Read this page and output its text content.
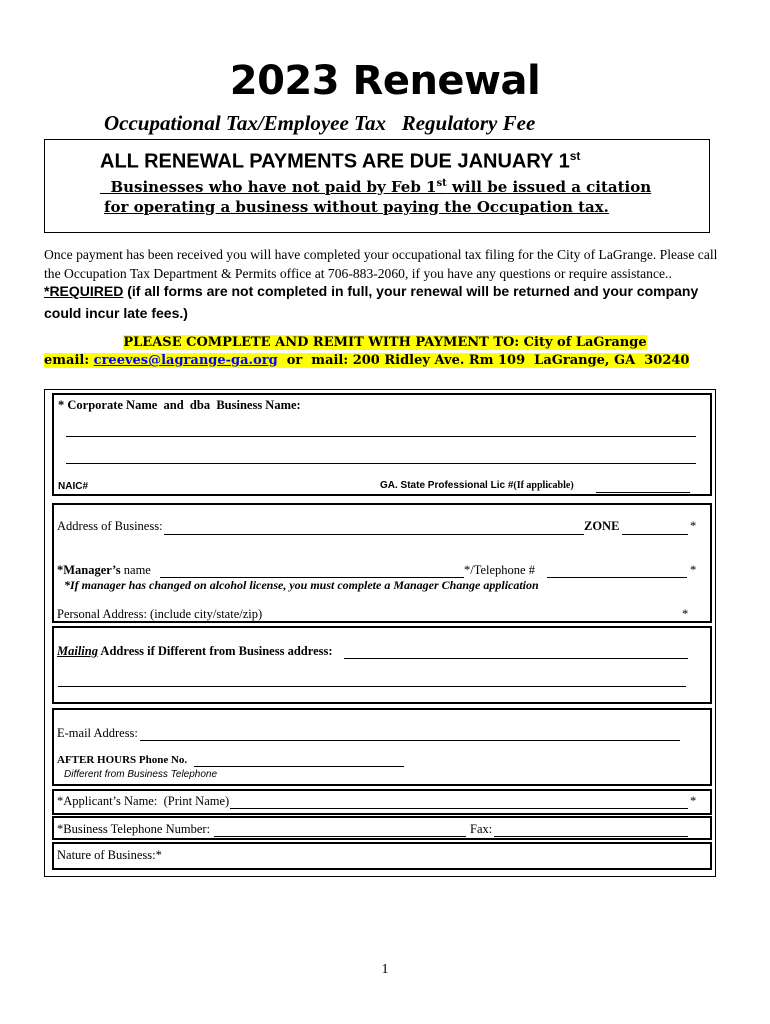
2023 Renewal
Occupational Tax/Employee Tax   Regulatory Fee
ALL RENEWAL PAYMENTS ARE DUE JANUARY 1st
Businesses who have not paid by Feb 1st will be issued a citation
for operating a business without paying the Occupation tax.
Once payment has been received you will have completed your occupational tax filing for the City of LaGrange. Please call the Occupation Tax Department & Permits office at 706-883-2060, if you have any questions or require assistance..
*REQUIRED (if all forms are not completed in full, your renewal will be returned and your company could incur late fees.)
PLEASE COMPLETE AND REMIT WITH PAYMENT TO: City of LaGrange
email: creeves@lagrange-ga.org  or  mail: 200 Ridley Ave. Rm 109  LaGrange, GA  30240
* Corporate Name  and  dba  Business Name:
NAIC#	GA. State Professional Lic #(If applicable)
Address of Business:	ZONE	*
*Manager’s name	*/Telephone #	*
*If manager has changed on alcohol license, you must complete a Manager Change application
Personal Address: (include city/state/zip)	*
Mailing Address if Different from Business address:
E-mail Address:
AFTER HOURS Phone No.
Different from Business Telephone
*Applicant’s Name:  (Print Name)	*
*Business Telephone Number:	Fax:
Nature of Business:*
1
